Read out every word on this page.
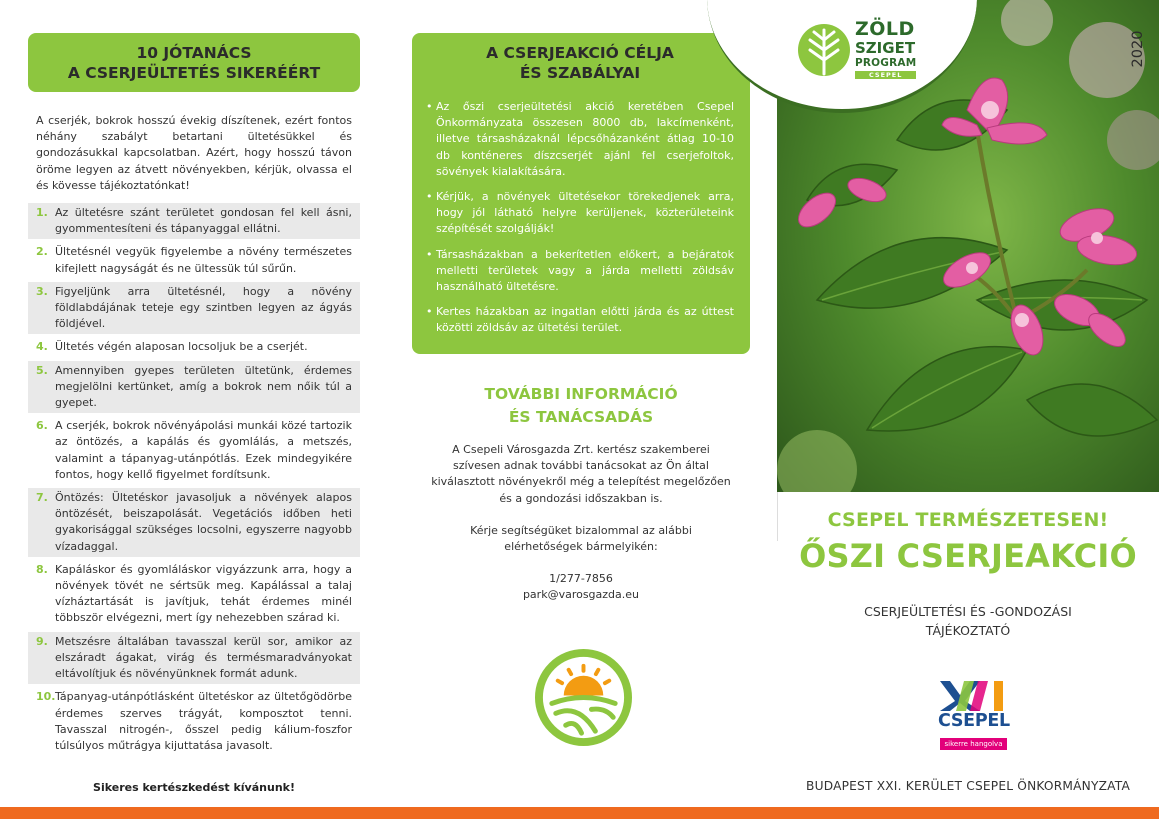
10 JÓTANÁCS
A CSERJEÜLTETÉS SIKERÉÉRT

A cserjék, bokrok hosszú évekig díszítenek, ezért fontos néhány szabályt betartani ültetésükkel és gondozásukkal kapcsolatban. Azért, hogy hosszú távon öröme legyen az átvett növényekben, kérjük, olvassa el és kövesse tájékoztatónkat!

1. Az ültetésre szánt területet gondosan fel kell ásni, gyommentesíteni és tápanyaggal ellátni.
2. Ültetésnél vegyük figyelembe a növény természetes kifejlett nagyságát és ne ültessük túl sűrűn.
3. Figyeljünk arra ültetésnél, hogy a növény földlabdájának teteje egy szintben legyen az ágyás földjével.
4. Ültetés végén alaposan locsoljuk be a cserjét.
5. Amennyiben gyepes területen ültetünk, érdemes megjelölni kertünket, amíg a bokrok nem nőik túl a gyepet.
6. A cserjék, bokrok növényápolási munkái közé tartozik az öntözés, a kapálás és gyomlálás, a metszés, valamint a tápanyag-utánpótlás. Ezek mindegyikére fontos, hogy kellő figyelmet fordítsunk.
7. Öntözés: Ültetéskor javasoljuk a növények alapos öntözését, beiszapolását. Vegetációs időben heti gyakorisággal szükséges locsolni, egyszerre nagyobb vízadaggal.
8. Kapáláskor és gyomláláskor vigyázzunk arra, hogy a növények tövét ne sértsük meg. Kapálással a talaj vízháztartását is javítjuk, tehát érdemes minél többször elvégezni, mert így nehezebben szárad ki.
9. Metszésre általában tavasszal kerül sor, amikor az elszáradt ágakat, virág és termésmaradványokat eltávolítjuk és növényünknek formát adunk.
10. Tápanyag-utánpótlásként ültetéskor az ültetőgödörbe érdemes szerves trágyát, komposztot tenni. Tavasszal nitrogén-, ősszel pedig kálium-foszfor túlsúlyos műtrágya kijuttatása javasolt.

Sikeres kertészkedést kívánunk!

A CSERJEAKCIÓ CÉLJA
ÉS SZABÁLYAI
• Az őszi cserjeültetési akció keretében Csepel Önkormányzata összesen 8000 db, lakcímenként, illetve társasházaknál lépcsőházanként átlag 10-10 db konténeres díszcserjét ajánl fel cserjefoltok, sövények kialakítására.
• Kérjük, a növények ültetésekor törekedjenek arra, hogy jól látható helyre kerüljenek, közterületeink szépítését szolgálják!
• Társasházakban a bekerítetlen előkert, a bejáratok melletti területek vagy a járda melletti zöldsáv használható ültetésre.
• Kertes házakban az ingatlan előtti járda és az úttest közötti zöldsáv az ültetési terület.
TOVÁBBI INFORMÁCIÓ
ÉS TANÁCSADÁS

A Csepeli Városgazda Zrt. kertész szakemberei

szívesen adnak további tanácsokat az Ön által

kiválasztott növényekről még a telepítést megelőzően

és a gondozási időszakban is.

Kérje segítségüket bizalommal az alábbi

elérhetőségek bármelyikén:

1/277-7856

park@varosgazda.eu

ZÖLD
SZIGET
PROGRAM
CSEPEL
2020
CSEPEL TERMÉSZETESEN!
ŐSZI CSERJEAKCIÓ
CSERJEÜLTETÉSI ÉS -GONDOZÁSI
TÁJÉKOZTATÓ
CSEPEL
sikerre hangolva
BUDAPEST XXI. KERÜLET CSEPEL ÖNKORMÁNYZATA
